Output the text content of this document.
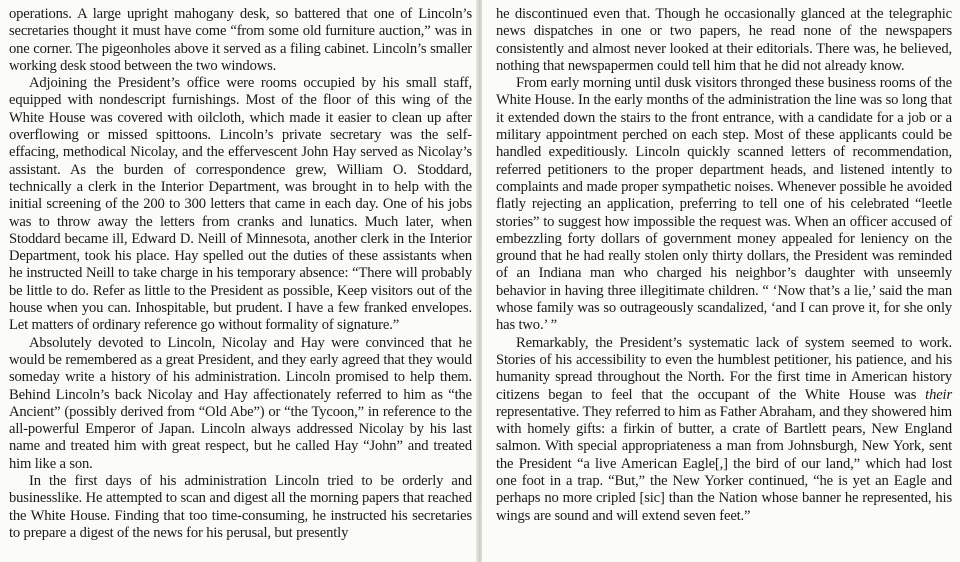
operations. A large upright mahogany desk, so battered that one of Lincoln’s secretaries thought it must have come “from some old furniture auction,” was in one corner. The pigeonholes above it served as a filing cabinet. Lincoln’s smaller working desk stood between the two windows.

Adjoining the President’s office were rooms occupied by his small staff, equipped with nondescript furnishings. Most of the floor of this wing of the White House was covered with oilcloth, which made it easier to clean up after overflowing or missed spittoons. Lincoln’s private secretary was the self-effacing, methodical Nicolay, and the effervescent John Hay served as Nicolay’s assistant. As the burden of correspondence grew, William O. Stoddard, technically a clerk in the Interior Department, was brought in to help with the initial screening of the 200 to 300 letters that came in each day. One of his jobs was to throw away the letters from cranks and lunatics. Much later, when Stoddard became ill, Edward D. Neill of Minnesota, another clerk in the Interior Department, took his place. Hay spelled out the duties of these assistants when he instructed Neill to take charge in his temporary absence: “There will probably be little to do. Refer as little to the President as possible, Keep visitors out of the house when you can. Inhospitable, but prudent. I have a few franked envelopes. Let matters of ordinary reference go without formality of signature.”

Absolutely devoted to Lincoln, Nicolay and Hay were convinced that he would be remembered as a great President, and they early agreed that they would someday write a history of his administration. Lincoln promised to help them. Behind Lincoln’s back Nicolay and Hay affectionately referred to him as “the Ancient” (possibly derived from “Old Abe”) or “the Tycoon,” in reference to the all-powerful Emperor of Japan. Lincoln always addressed Nicolay by his last name and treated him with great respect, but he called Hay “John” and treated him like a son.

In the first days of his administration Lincoln tried to be orderly and businesslike. He attempted to scan and digest all the morning papers that reached the White House. Finding that too time-consuming, he instructed his secretaries to prepare a digest of the news for his perusal, but presently

he discontinued even that. Though he occasionally glanced at the telegraphic news dispatches in one or two papers, he read none of the newspapers consistently and almost never looked at their editorials. There was, he believed, nothing that newspapermen could tell him that he did not already know.

From early morning until dusk visitors thronged these business rooms of the White House. In the early months of the administration the line was so long that it extended down the stairs to the front entrance, with a candidate for a job or a military appointment perched on each step. Most of these applicants could be handled expeditiously. Lincoln quickly scanned letters of recommendation, referred petitioners to the proper department heads, and listened intently to complaints and made proper sympathetic noises. Whenever possible he avoided flatly rejecting an application, preferring to tell one of his celebrated “leetle stories” to suggest how impossible the request was. When an officer accused of embezzling forty dollars of government money appealed for leniency on the ground that he had really stolen only thirty dollars, the President was reminded of an Indiana man who charged his neighbor’s daughter with unseemly behavior in having three illegitimate children. “ ‘Now that’s a lie,’ said the man whose family was so outrageously scandalized, ‘and I can prove it, for she only has two.’ ”

Remarkably, the President’s systematic lack of system seemed to work. Stories of his accessibility to even the humblest petitioner, his patience, and his humanity spread throughout the North. For the first time in American history citizens began to feel that the occupant of the White House was their representative. They referred to him as Father Abraham, and they showered him with homely gifts: a firkin of butter, a crate of Bartlett pears, New England salmon. With special appropriateness a man from Johnsburgh, New York, sent the President “a live American Eagle[,] the bird of our land,” which had lost one foot in a trap. “But,” the New Yorker continued, “he is yet an Eagle and perhaps no more cripled [sic] than the Nation whose banner he represented, his wings are sound and will extend seven feet.”
